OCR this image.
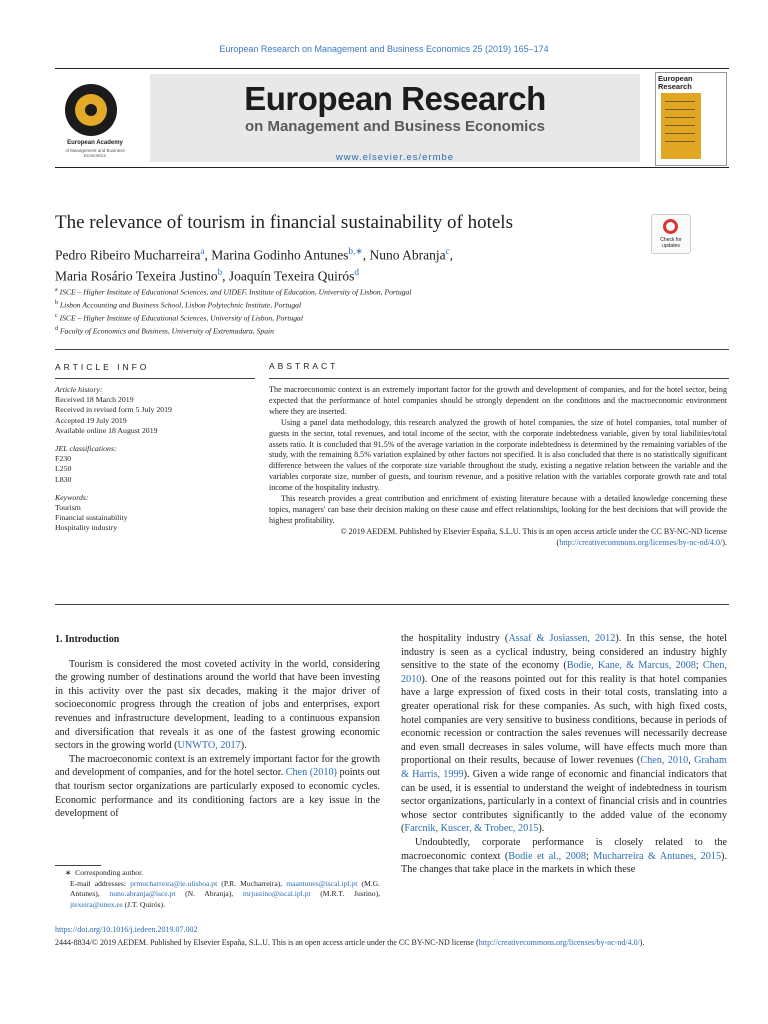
European Research on Management and Business Economics 25 (2019) 165–174
European Academy
of Management and Business Economics
European Research
on Management and Business Economics
www.elsevier.es/ermbe
European Research
The relevance of tourism in financial sustainability of hotels
Check for updates
Pedro Ribeiro Mucharreira$^a$, Marina Godinho Antunes$^{b,∗}$, Nuno Abranja$^c$,
Maria Rosário Texeira Justino$^b$, Joaquín Texeira Quirós$^d$
$^a$ ISCE – Higher Institute of Educational Sciences, and UIDEF, Institute of Education, University of Lisbon, Portugal
$^b$ Lisbon Accounting and Business School, Lisbon Polytechnic Institute, Portugal
$^c$ ISCE – Higher Institute of Educational Sciences, University of Lisbon, Portugal
$^d$ Faculty of Economics and Business, University of Extremadura, Spain
ARTICLE INFO	ABSTRACT
Article history:
Received 18 March 2019
Received in revised form 5 July 2019
Accepted 19 July 2019
Available online 18 August 2019
JEL classifications:
F230
L250
L830
Keywords:
Tourism
Financial sustainability
Hospitality industry

The macroeconomic context is an extremely important factor for the growth and development of companies, and for the hotel sector, being expected that the performance of hotel companies should be strongly dependent on the conditions and the macroeconomic environment where they are inserted.

Using a panel data methodology, this research analyzed the growth of hotel companies, the size of hotel companies, total number of guests in the sector, total revenues, and total income of the sector, with the corporate indebtedness variable, given by total liabilities/total assets ratio. It is concluded that 91.5% of the average variation in the corporate indebtedness is determined by the remaining variables of the study, with the remaining 8.5% variation explained by other factors not specified. It is also concluded that there is no statistically significant difference between the values of the corporate size variable throughout the study, existing a negative relation between the variable and the variables corporate size, number of guests, and tourism revenue, and a positive relation with the variables corporate growth rate and total income of the hospitality industry.

This research provides a great contribution and enrichment of existing literature because with a detailed knowledge concerning these topics, managers' can base their decision making on these cause and effect relationships, looking for the best decisions that will provide the highest profitability.

© 2019 AEDEM. Published by Elsevier España, S.L.U. This is an open access article under the CC BY-NC-ND license (http://creativecommons.org/licenses/by-nc-nd/4.0/).

1. Introduction

Tourism is considered the most coveted activity in the world, considering the growing number of destinations around the world that have been investing in this activity over the past six decades, making it the major driver of socioeconomic progress through the creation of jobs and enterprises, export revenues and infrastructure development, leading to a continuous expansion and diversification that reveals it as one of the fastest growing economic sectors in the growing world (UNWTO, 2017).

The macroeconomic context is an extremely important factor for the growth and development of companies, and for the hotel sector. Chen (2010) points out that tourism sector organizations are particularly exposed to economic cycles. Economic performance and its conditioning factors are a key issue in the development of

∗ Corresponding author.
E-mail addresses: prmucharreira@ie.ulisboa.pt (P.R. Mucharreira), maantunes@iscal.ipl.pt (M.G. Antunes), nuno.abranja@isce.pt (N. Abranja), mrjustino@iscal.ipl.pt (M.R.T. Justino), jtexeira@unex.es (J.T. Quirós).

the hospitality industry (Assaf & Josiassen, 2012). In this sense, the hotel industry is seen as a cyclical industry, being considered an industry highly sensitive to the state of the economy (Bodie, Kane, & Marcus, 2008; Chen, 2010). One of the reasons pointed out for this reality is that hotel companies have a large expression of fixed costs in their total costs, translating into a greater operational risk for these companies. As such, with high fixed costs, hotel companies are very sensitive to business conditions, because in periods of economic recession or contraction the sales revenues will necessarily decrease and even small decreases in sales volume, will have effects much more than proportional on their results, because of lower revenues (Chen, 2010, Graham & Harris, 1999). Given a wide range of economic and financial indicators that can be used, it is essential to understand the weight of indebtedness in tourism sector organizations, particularly in a context of financial crisis and in countries whose sector contributes significantly to the added value of the economy (Farcnik, Kuscer, & Trobec, 2015).

Undoubtedly, corporate performance is closely related to the macroeconomic context (Bodie et al., 2008; Mucharreira & Antunes, 2015). The changes that take place in the markets in which these

https://doi.org/10.1016/j.iedeen.2019.07.002
2444-8834/© 2019 AEDEM. Published by Elsevier España, S.L.U. This is an open access article under the CC BY-NC-ND license (http://creativecommons.org/licenses/by-nc-nd/4.0/).
